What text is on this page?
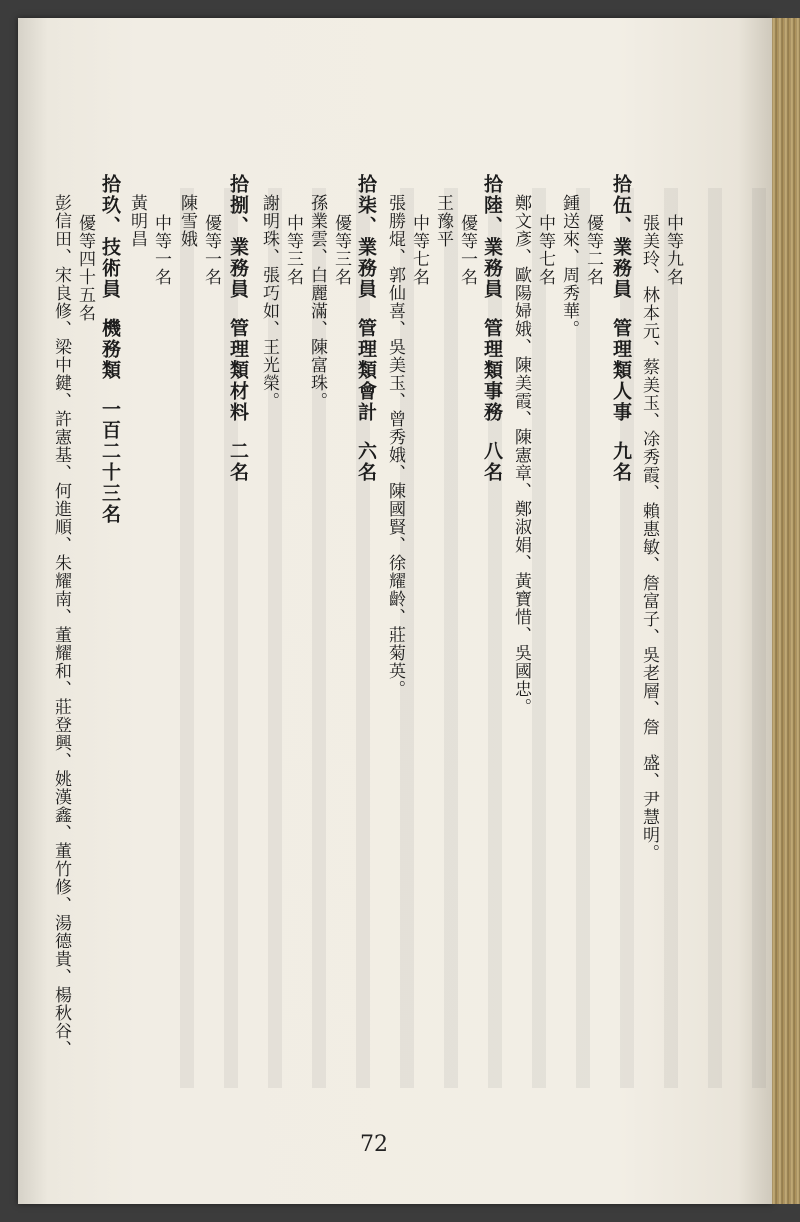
中等九名
張美玲、林本元、蔡美玉、凃秀霞、賴惠敏、詹富子、吳老層、詹　盛、尹慧明。
拾伍、業務員管理類人事九名
優等二名
鍾送來、周秀華。
中等七名
鄭文彥、歐陽婦娥、陳美霞、陳憲章、鄭淑娟、黃寶惜、吳國忠。
拾陸、業務員管理類事務八名
優等一名
王豫平
中等七名
張勝焜、郭仙喜、吳美玉、曾秀娥、陳國賢、徐耀齡、莊菊英。
拾柒、業務員管理類會計六名
優等三名
孫業雲、白麗滿、陳富珠。
中等三名
謝明珠、張巧如、王光榮。
拾捌、業務員管理類材料二名
優等一名
陳雪娥
中等一名
黃明昌
拾玖、技術員機務類一百二十三名
優等四十五名
彭信田、宋良修、梁中鍵、許憲基、何進順、朱耀南、董耀和、莊登興、姚漢鑫、董竹修、湯德貴、楊秋谷、
72
